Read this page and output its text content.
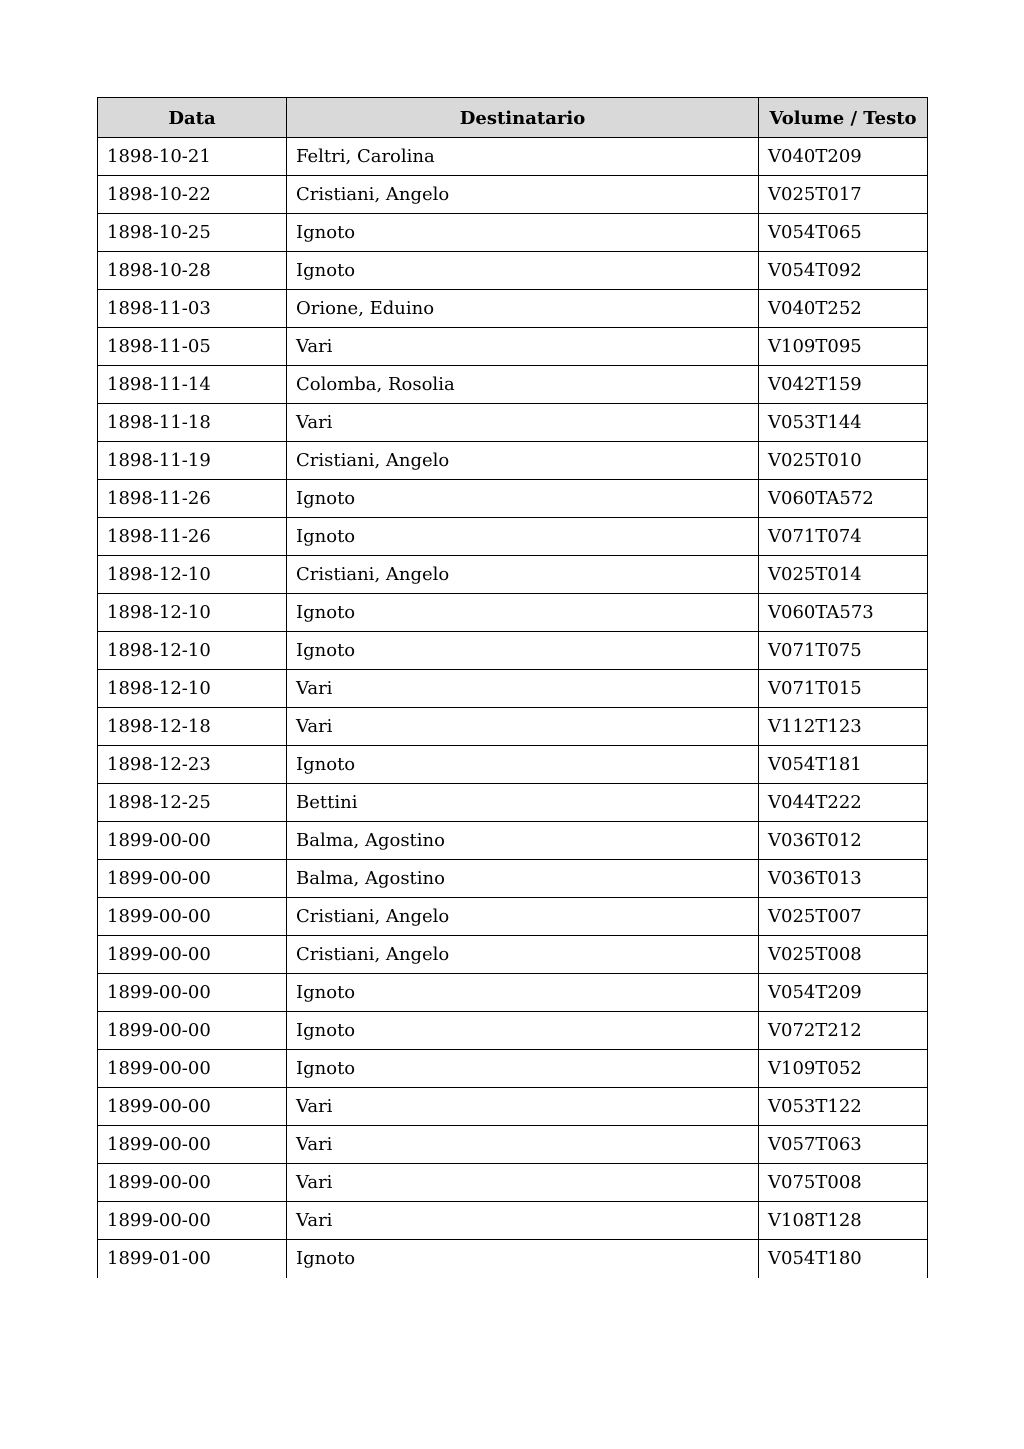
Data	Destinatario	Volume / Testo
1898-10-21	Feltri, Carolina	V040T209
1898-10-22	Cristiani, Angelo	V025T017
1898-10-25	Ignoto	V054T065
1898-10-28	Ignoto	V054T092
1898-11-03	Orione, Eduino	V040T252
1898-11-05	Vari	V109T095
1898-11-14	Colomba, Rosolia	V042T159
1898-11-18	Vari	V053T144
1898-11-19	Cristiani, Angelo	V025T010
1898-11-26	Ignoto	V060TA572
1898-11-26	Ignoto	V071T074
1898-12-10	Cristiani, Angelo	V025T014
1898-12-10	Ignoto	V060TA573
1898-12-10	Ignoto	V071T075
1898-12-10	Vari	V071T015
1898-12-18	Vari	V112T123
1898-12-23	Ignoto	V054T181
1898-12-25	Bettini	V044T222
1899-00-00	Balma, Agostino	V036T012
1899-00-00	Balma, Agostino	V036T013
1899-00-00	Cristiani, Angelo	V025T007
1899-00-00	Cristiani, Angelo	V025T008
1899-00-00	Ignoto	V054T209
1899-00-00	Ignoto	V072T212
1899-00-00	Ignoto	V109T052
1899-00-00	Vari	V053T122
1899-00-00	Vari	V057T063
1899-00-00	Vari	V075T008
1899-00-00	Vari	V108T128
1899-01-00	Ignoto	V054T180
